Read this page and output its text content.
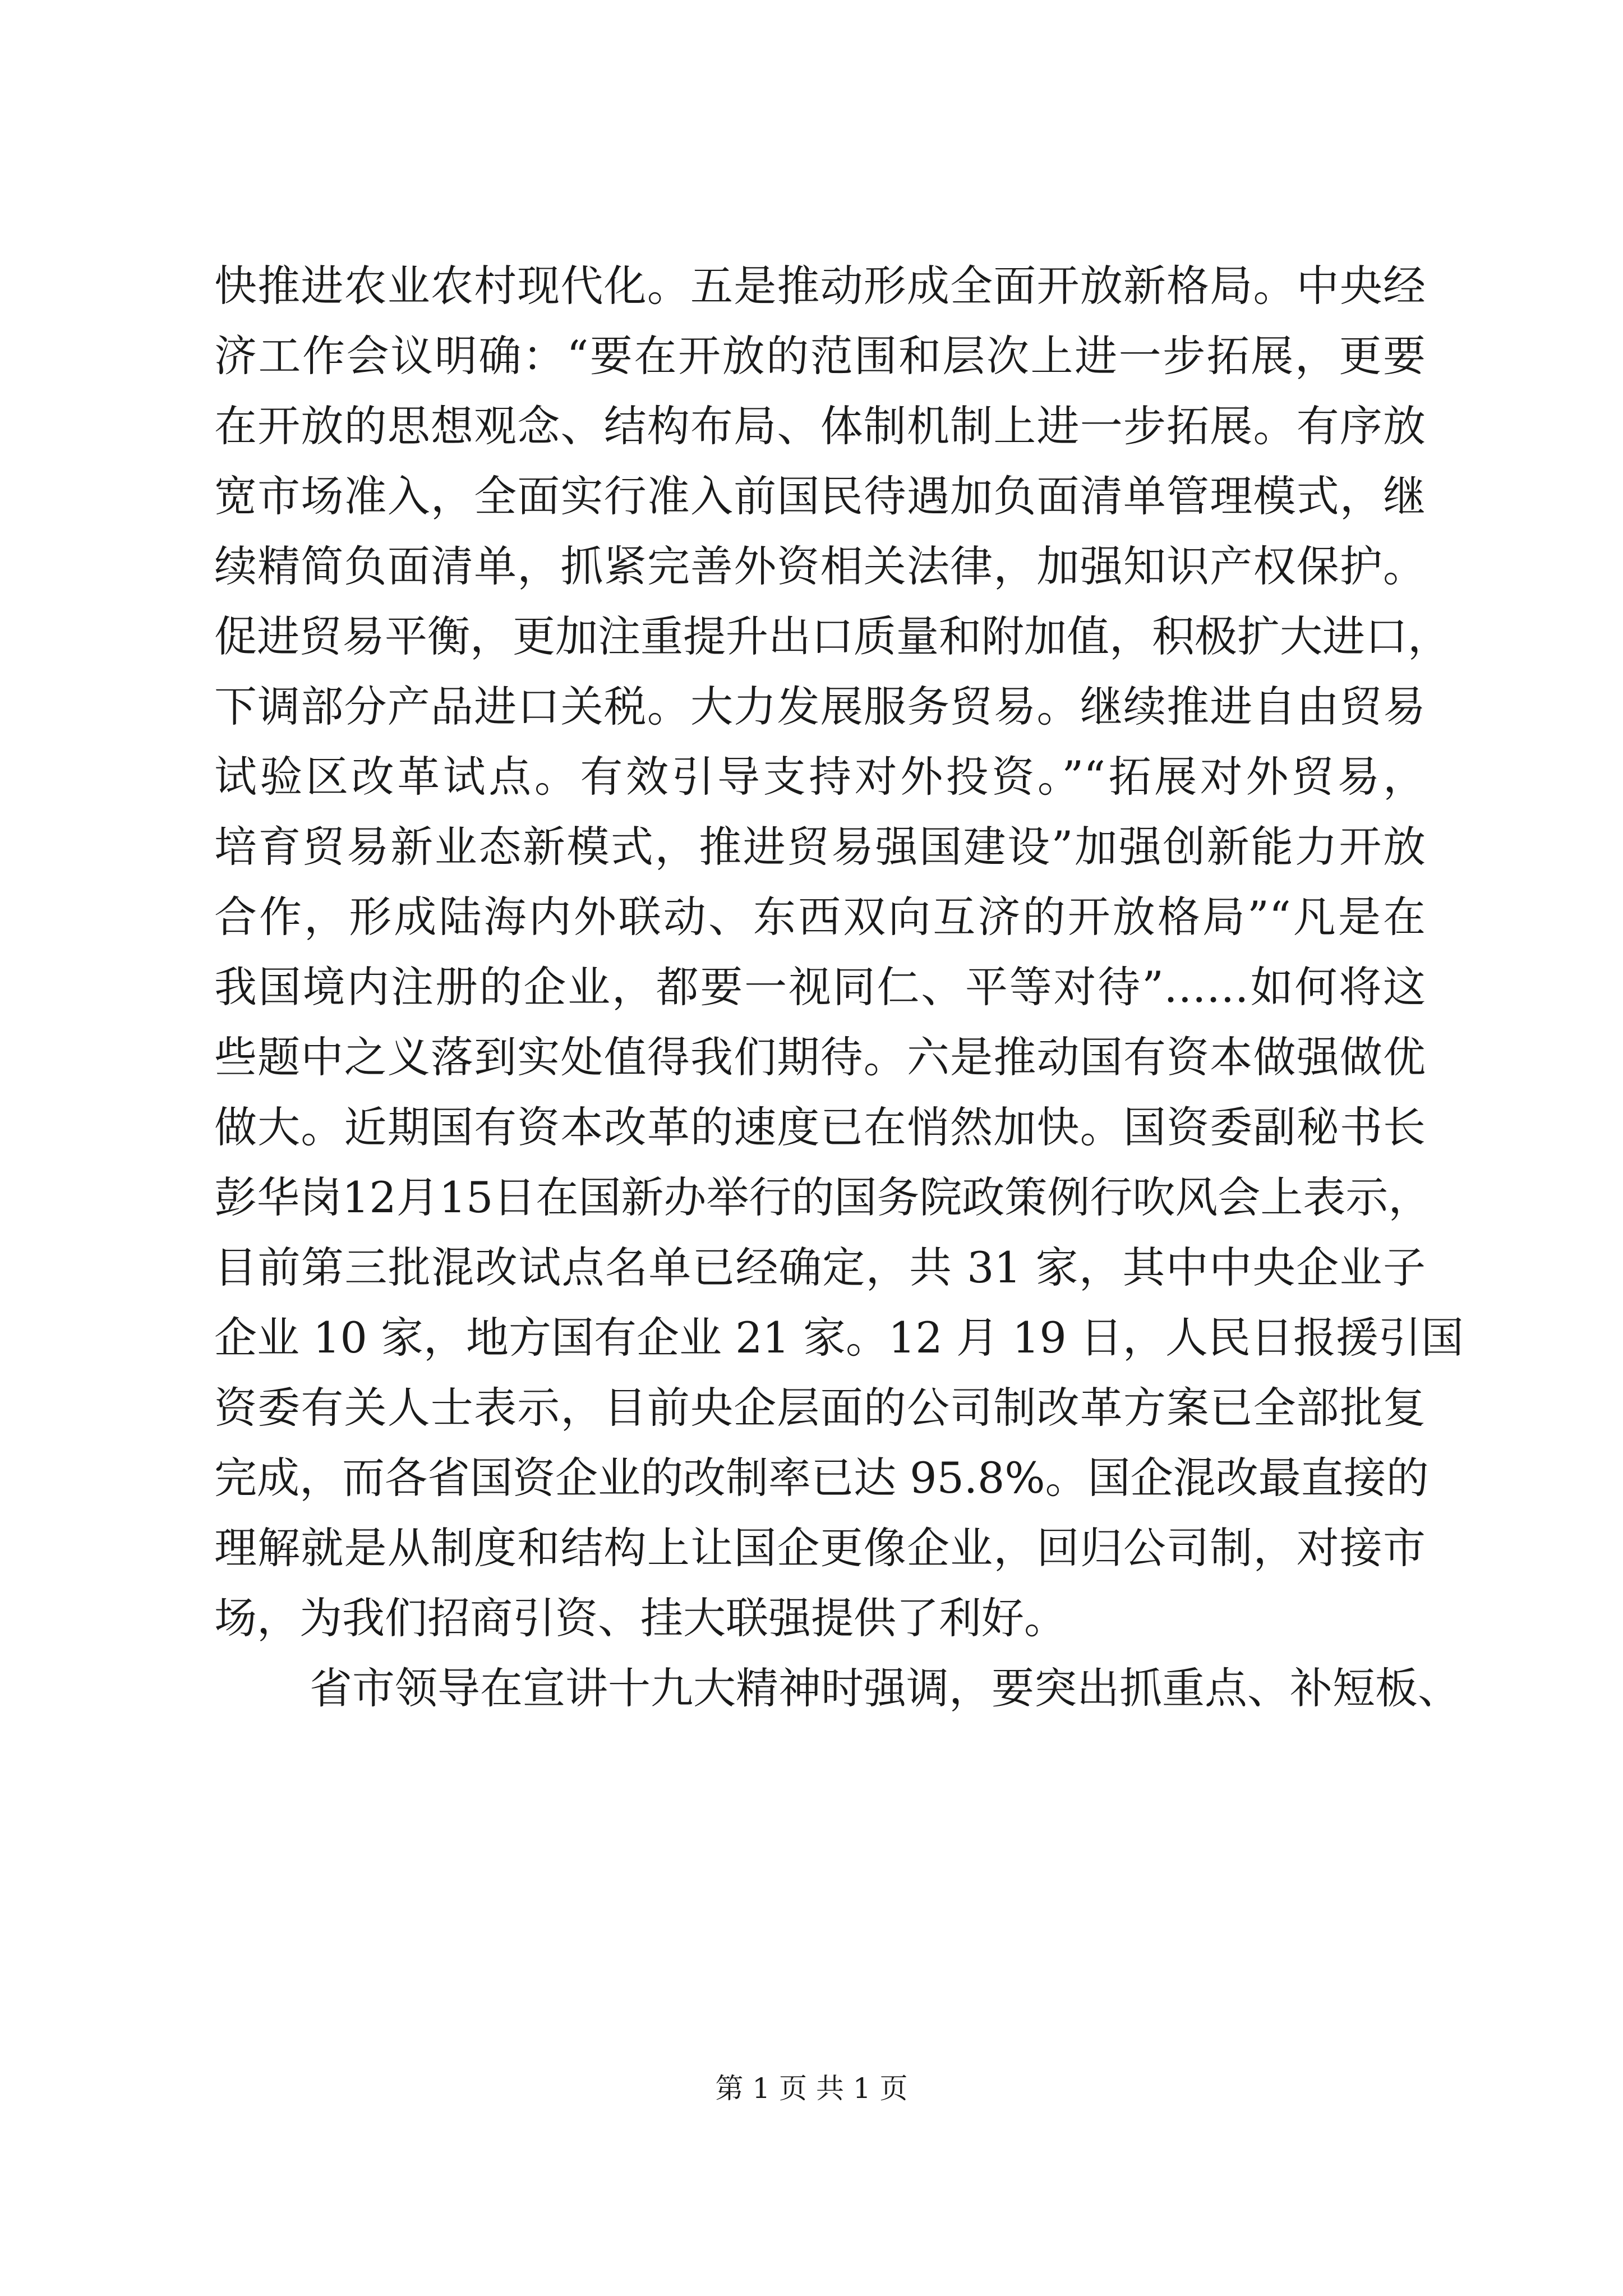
快推进农业农村现代化。五是推动形成全面开放新格局。中央经
济工作会议明确：“要在开放的范围和层次上进一步拓展，更要
在开放的思想观念、结构布局、体制机制上进一步拓展。有序放
宽市场准入，全面实行准入前国民待遇加负面清单管理模式，继
续精简负面清单，抓紧完善外资相关法律，加强知识产权保护。
促进贸易平衡，更加注重提升出口质量和附加值，积极扩大进口，
下调部分产品进口关税。大力发展服务贸易。继续推进自由贸易
试验区改革试点。有效引导支持对外投资。”“拓展对外贸易，
培育贸易新业态新模式，推进贸易强国建设”加强创新能力开放
合作，形成陆海内外联动、东西双向互济的开放格局”“凡是在
我国境内注册的企业，都要一视同仁、平等对待”……如何将这
些题中之义落到实处值得我们期待。六是推动国有资本做强做优
做大。近期国有资本改革的速度已在悄然加快。国资委副秘书长
彭华岗12月15日在国新办举行的国务院政策例行吹风会上表示，
目前第三批混改试点名单已经确定，共 31 家，其中中央企业子
企业 10 家，地方国有企业 21 家。12 月 19 日，人民日报援引国
资委有关人士表示，目前央企层面的公司制改革方案已全部批复
完成，而各省国资企业的改制率已达 95.8%。国企混改最直接的
理解就是从制度和结构上让国企更像企业，回归公司制，对接市
场，为我们招商引资、挂大联强提供了利好。
省市领导在宣讲十九大精神时强调，要突出抓重点、补短板、
第 1 页 共 1 页
